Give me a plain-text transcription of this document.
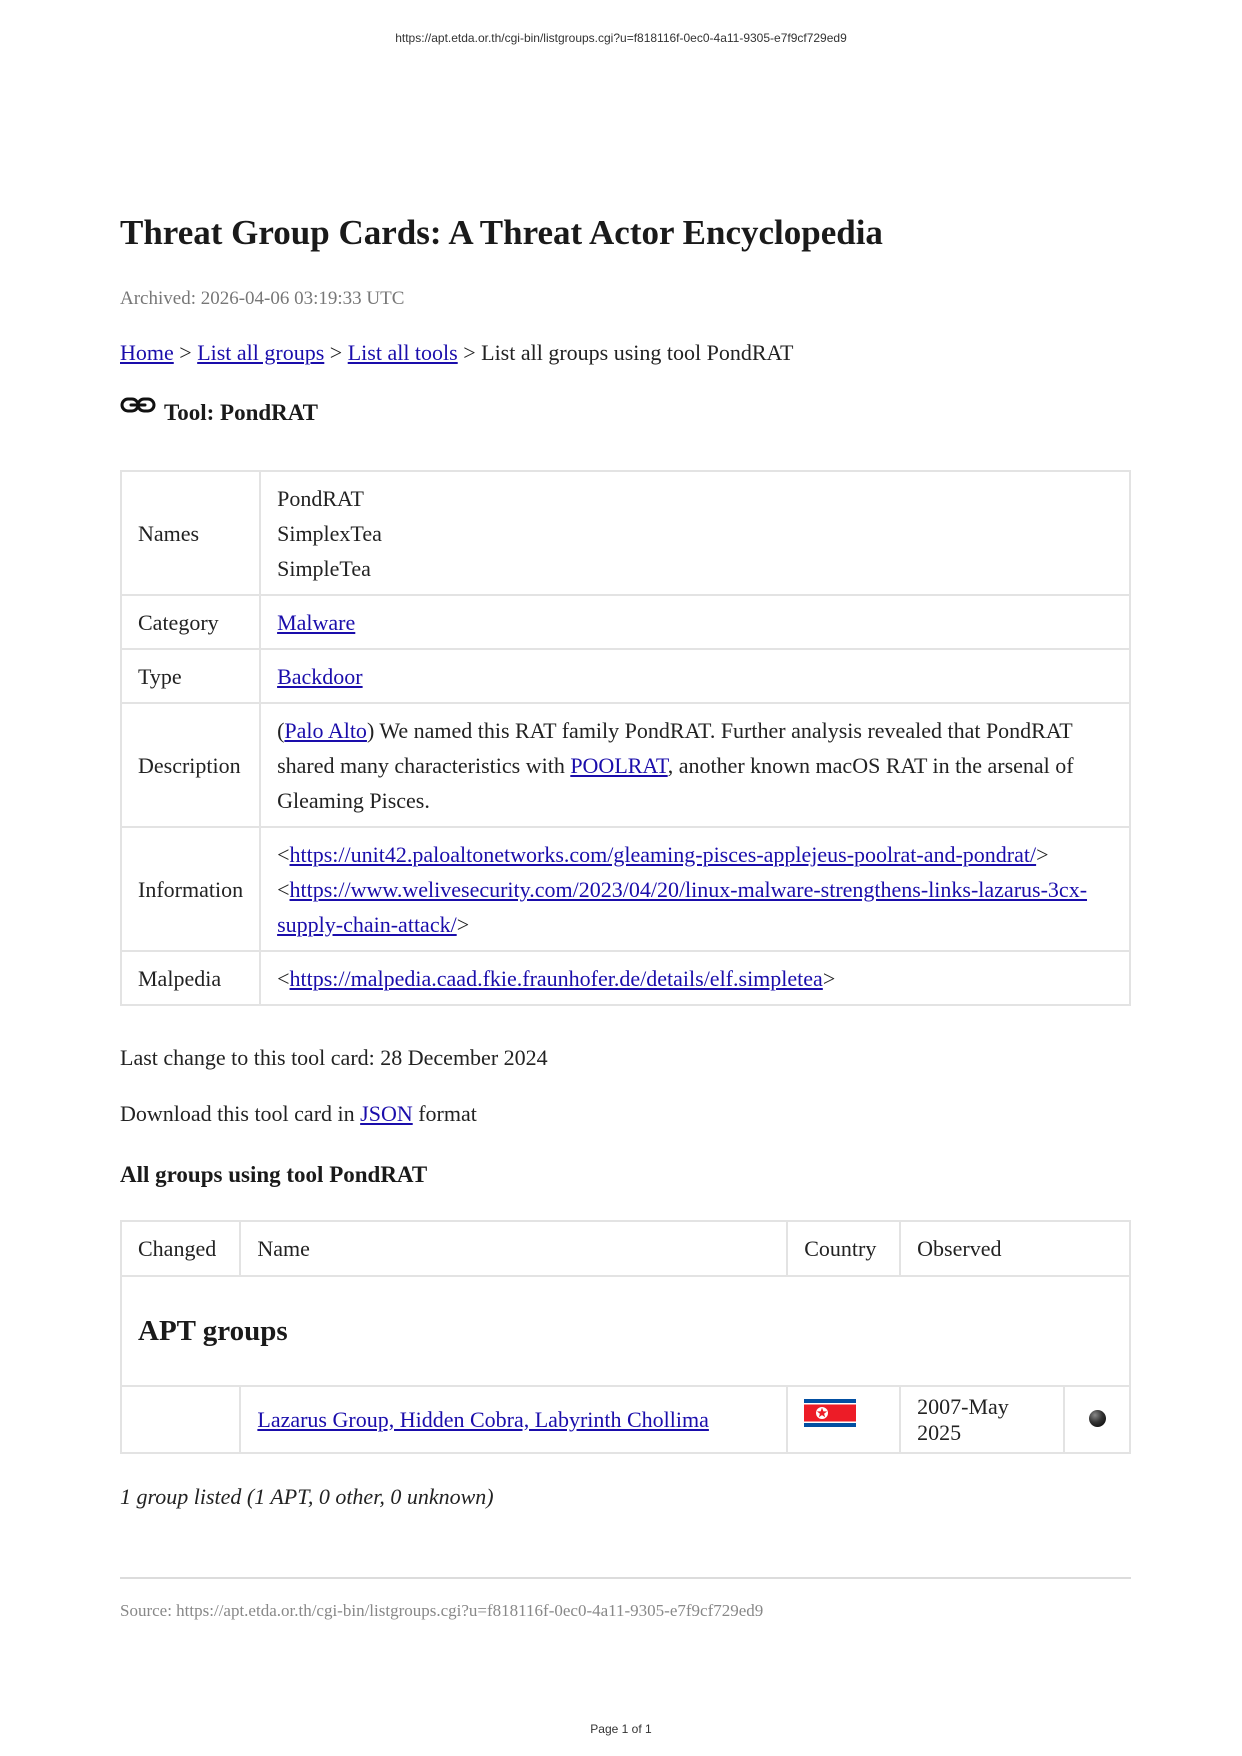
https://apt.etda.or.th/cgi-bin/listgroups.cgi?u=f818116f-0ec0-4a11-9305-e7f9cf729ed9
Threat Group Cards: A Threat Actor Encyclopedia
Archived: 2026-04-06 03:19:33 UTC
Home > List all groups > List all tools > List all groups using tool PondRAT
Tool: PondRAT
Names	PondRAT
SimplexTea
SimpleTea

Category	Malware
Type	Backdoor
Description	(Palo Alto) We named this RAT family PondRAT. Further analysis revealed that PondRAT shared many characteristics with POOLRAT, another known macOS RAT in the arsenal of Gleaming Pisces.
Information	<https://unit42.paloaltonetworks.com/gleaming-pisces-applejeus-poolrat-and-pondrat/>
<https://www.welivesecurity.com/2023/04/20/linux-malware-strengthens-links-lazarus-3cx-supply-chain-attack/>

Malpedia	<https://malpedia.caad.fkie.fraunhofer.de/details/elf.simpletea>
Last change to this tool card: 28 December 2024
Download this tool card in JSON format
All groups using tool PondRAT
Changed	Name	Country	Observed	
APT groups				
	Lazarus Group, Hidden Cobra, Labyrinth Chollima		2007-May 2025	
1 group listed (1 APT, 0 other, 0 unknown)
Source: https://apt.etda.or.th/cgi-bin/listgroups.cgi?u=f818116f-0ec0-4a11-9305-e7f9cf729ed9
Page 1 of 1
